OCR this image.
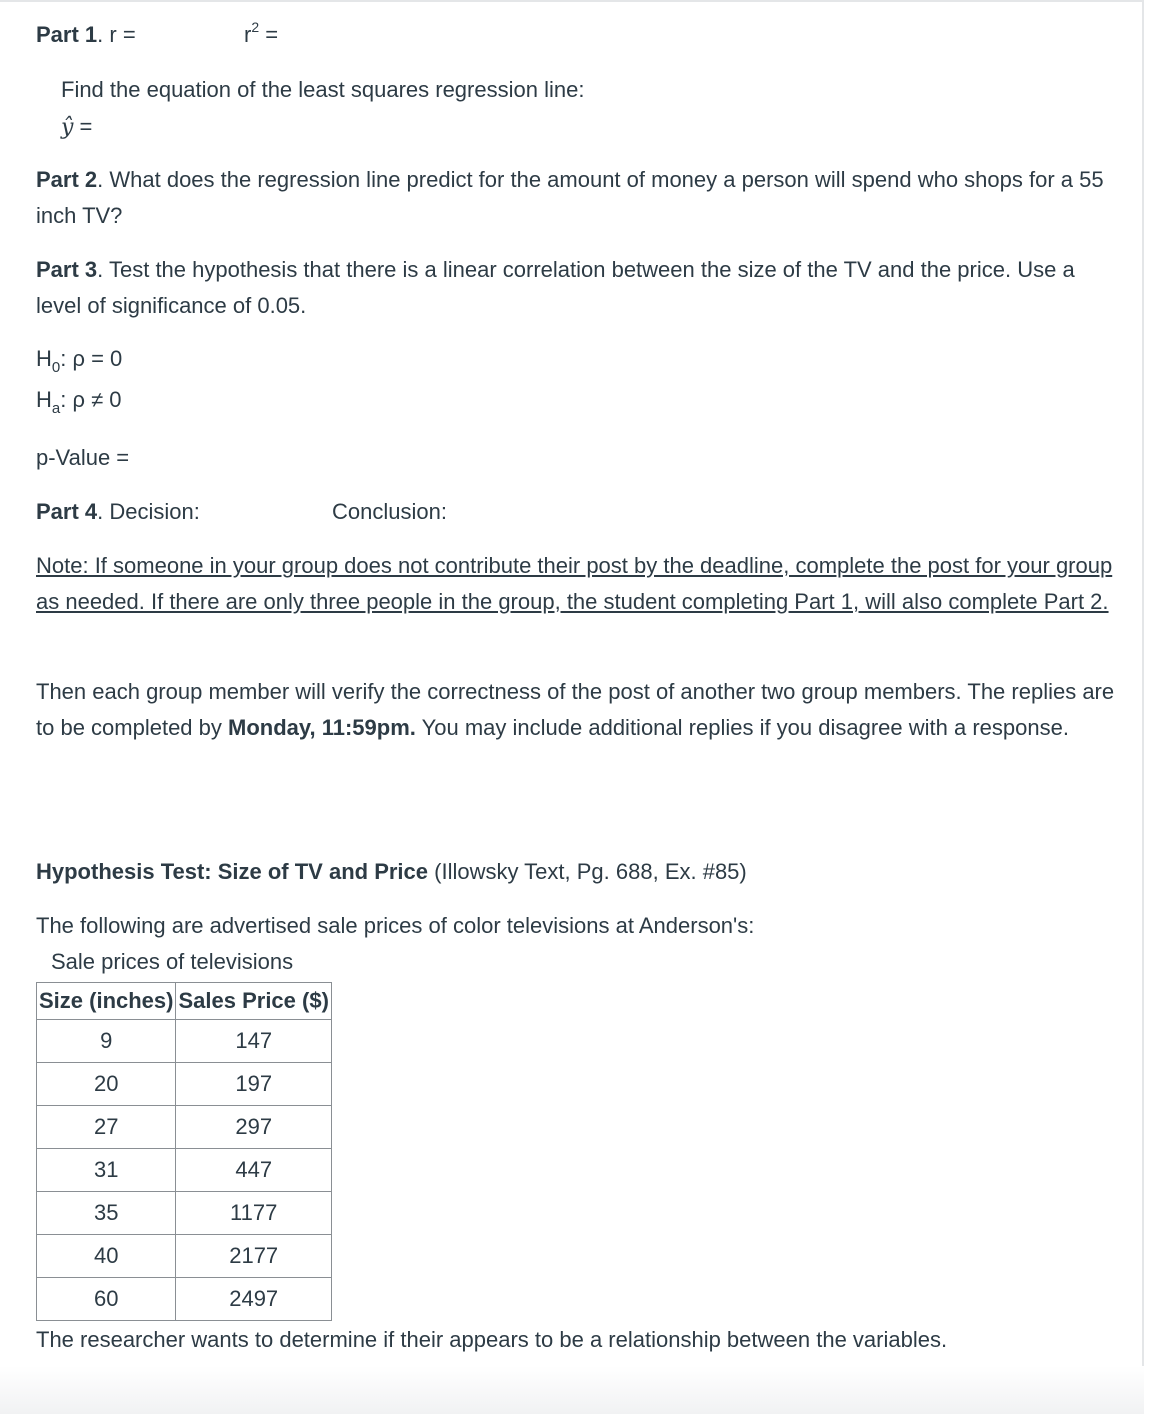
Part 1. r =	$r^2$ =
Find the equation of the least squares regression line:
ŷ =
Part 2. What does the regression line predict for the amount of money a person will spend who shops for a 55 inch TV?
Part 3. Test the hypothesis that there is a linear correlation between the size of the TV and the price. Use a level of significance of 0.05.
$H_0$: ρ = 0
$H_a$: ρ ≠ 0
p-Value =
Part 4. Decision:	Conclusion:
Note: If someone in your group does not contribute their post by the deadline, complete the post for your group as needed. If there are only three people in the group, the student completing Part 1, will also complete Part 2.
Then each group member will verify the correctness of the post of another two group members. The replies are to be completed by Monday, 11:59pm. You may include additional replies if you disagree with a response.
Hypothesis Test: Size of TV and Price (Illowsky Text, Pg. 688, Ex. #85)
The following are advertised sale prices of color televisions at Anderson's:
Sale prices of televisions
Size (inches)	Sales Price ($)
9	147
20	197
27	297
31	447
35	1177
40	2177
60	2497
The researcher wants to determine if their appears to be a relationship between the variables.
